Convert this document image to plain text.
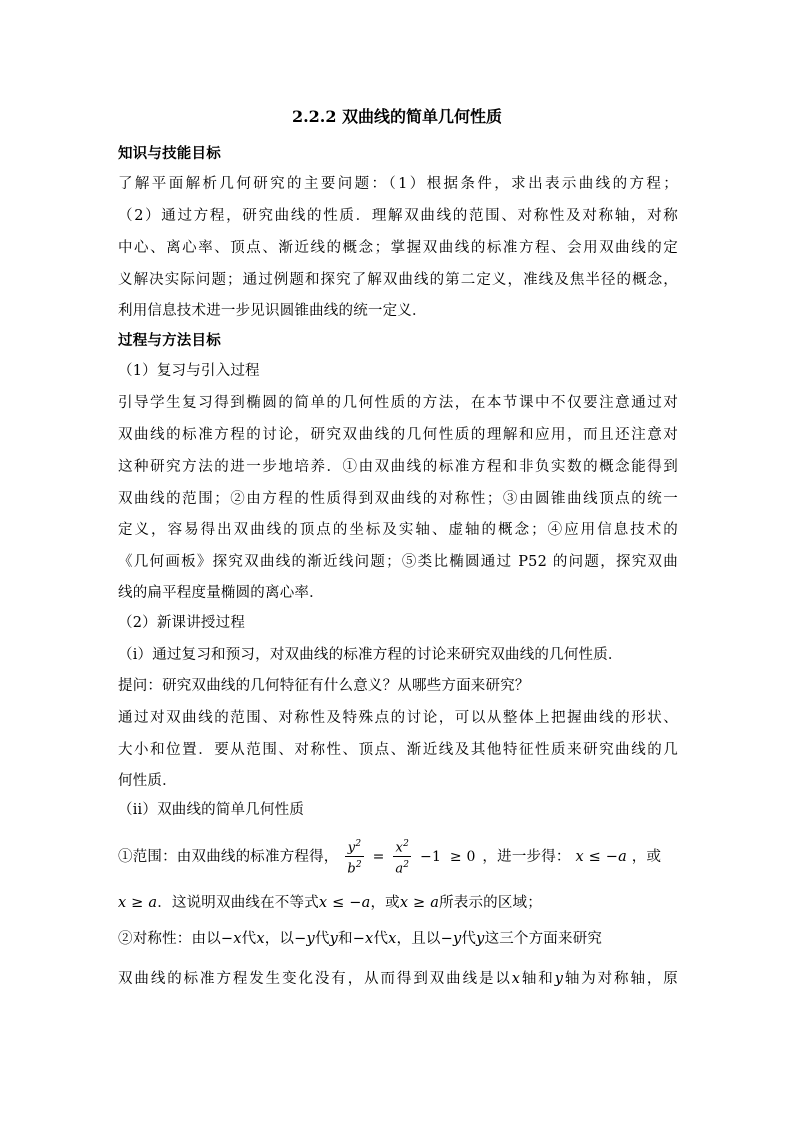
2.2.2 双曲线的简单几何性质
知识与技能目标
了解平面解析几何研究的主要问题：（1）根据条件，求出表示曲线的方程；
（2）通过方程，研究曲线的性质．理解双曲线的范围、对称性及对称轴，对称
中心、离心率、顶点、渐近线的概念；掌握双曲线的标准方程、会用双曲线的定
义解决实际问题；通过例题和探究了解双曲线的第二定义，准线及焦半径的概念，
利用信息技术进一步见识圆锥曲线的统一定义．
过程与方法目标
（1）复习与引入过程
引导学生复习得到椭圆的简单的几何性质的方法，在本节课中不仅要注意通过对
双曲线的标准方程的讨论，研究双曲线的几何性质的理解和应用，而且还注意对
这种研究方法的进一步地培养．①由双曲线的标准方程和非负实数的概念能得到
双曲线的范围；②由方程的性质得到双曲线的对称性；③由圆锥曲线顶点的统一
定义，容易得出双曲线的顶点的坐标及实轴、虚轴的概念；④应用信息技术的
《几何画板》探究双曲线的渐近线问题；⑤类比椭圆通过 P52 的问题，探究双曲
线的扁平程度量椭圆的离心率．
（2）新课讲授过程
（i）通过复习和预习，对双曲线的标准方程的讨论来研究双曲线的几何性质．
提问：研究双曲线的几何特征有什么意义？从哪些方面来研究？
通过对双曲线的范围、对称性及特殊点的讨论，可以从整体上把握曲线的形状、
大小和位置．要从范围、对称性、顶点、渐近线及其他特征性质来研究曲线的几
何性质．
（ii）双曲线的简单几何性质
①范围：由双曲线的标准方程得， $\frac{y^2}{b^2} = \frac{x^2}{a^2} -1 \ge 0$ ，进一步得： x ≤ −a ，或
x ≥ a．这说明双曲线在不等式x ≤ −a，或x ≥ a所表示的区域；
②对称性：由以−x代x，以−y代y和−x代x，且以−y代y这三个方面来研究
双曲线的标准方程发生变化没有，从而得到双曲线是以x轴和y轴为对称轴，原
